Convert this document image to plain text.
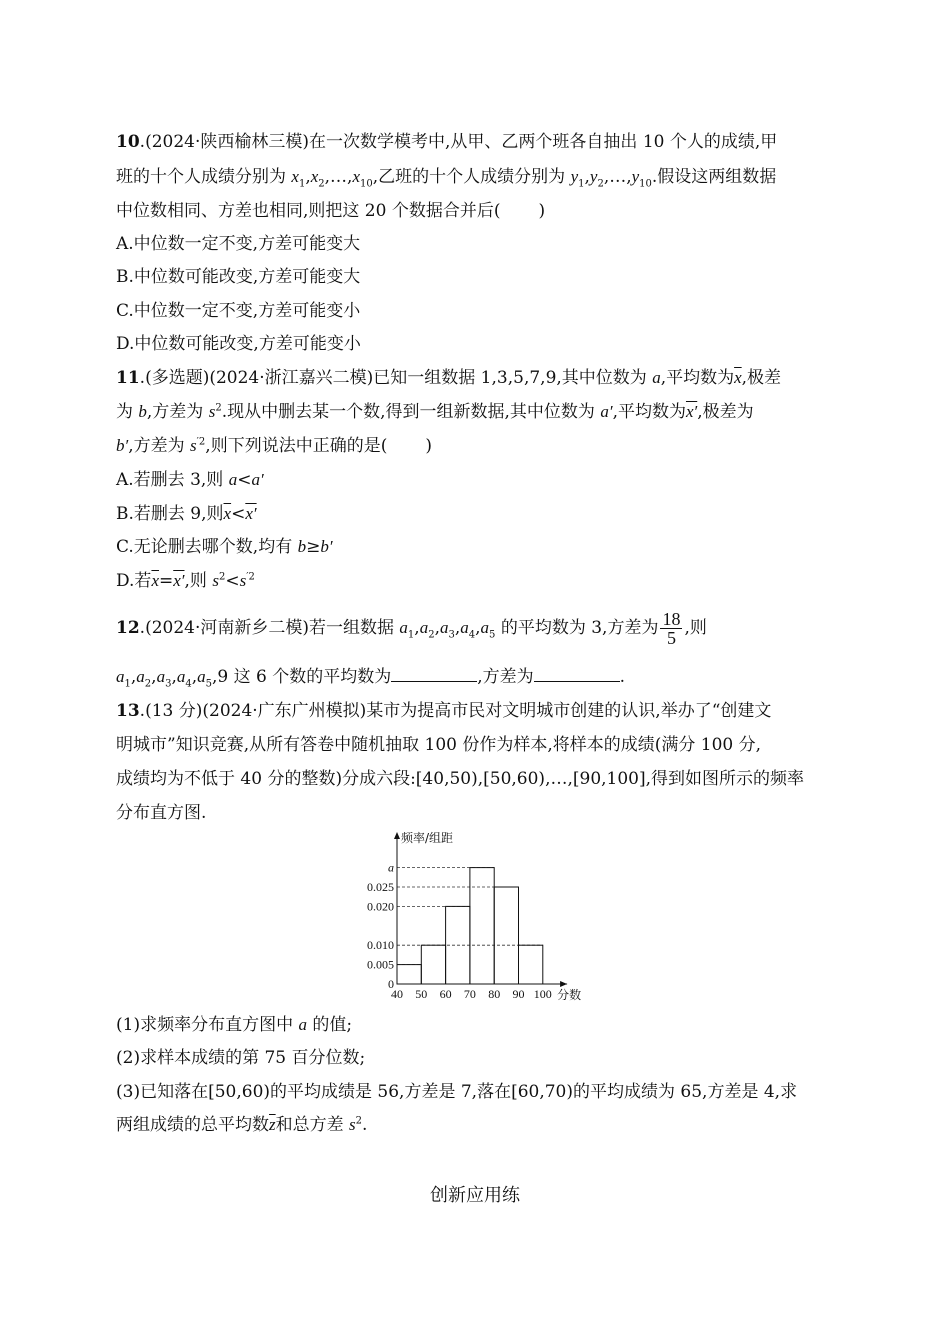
10.(2024·陕西榆林三模)在一次数学模考中,从甲、乙两个班各自抽出 10 个人的成绩,甲
班的十个人成绩分别为 $x_1,x_2,\dots,x_{10}$,乙班的十个人成绩分别为 $y_1,y_2,\dots,y_{10}$.假设这两组数据
中位数相同、方差也相同,则把这 20 个数据合并后( )
A.中位数一定不变,方差可能变大
B.中位数可能改变,方差可能变大
C.中位数一定不变,方差可能变小
D.中位数可能改变,方差可能变小
11.(多选题)(2024·浙江嘉兴二模)已知一组数据 1,3,5,7,9,其中位数为 a,平均数为$\overline{x}$,极差
为 b,方差为 $s^2$.现从中删去某一个数,得到一组新数据,其中位数为 a′,平均数为x′,极差为
b′,方差为 $s^{'2}$,则下列说法中正确的是( )
A.若删去 3,则 a<a′
B.若删去 9,则$\overline{x}<x'$
C.无论删去哪个数,均有 b≥b′
D.若$\overline{x}=x'$,则 $s^2<s^{'2}$
12.(2024·河南新乡二模)若一组数据 $a_1,a_2,a_3,a_4,a_5$ 的平均数为 3,方差为 $\frac{18}{5}$ ,则
$a_1,a_2,a_3,a_4,a_5,9$ 这 6 个数的平均数为	,方差为	.
13.(13 分)(2024·广东广州模拟)某市为提高市民对文明城市创建的认识,举办了“创建文
明城市”知识竞赛,从所有答卷中随机抽取 100 份作为样本,将样本的成绩(满分 100 分,
成绩均为不低于 40 分的整数)分成六段:[40,50),[50,60),…,[90,100],得到如图所示的频率
分布直方图.
a
0.025
0.020
0.010
0.005
0
40 50 60 70 80 90 100
频率/组距
分数
(1)求频率分布直方图中 a 的值;
(2)求样本成绩的第 75 百分位数;
(3)已知落在[50,60)的平均成绩是 56,方差是 7,落在[60,70)的平均成绩为 65,方差是 4,求
两组成绩的总平均数$\overline{z}$和总方差 $s^2$.
创新应用练
